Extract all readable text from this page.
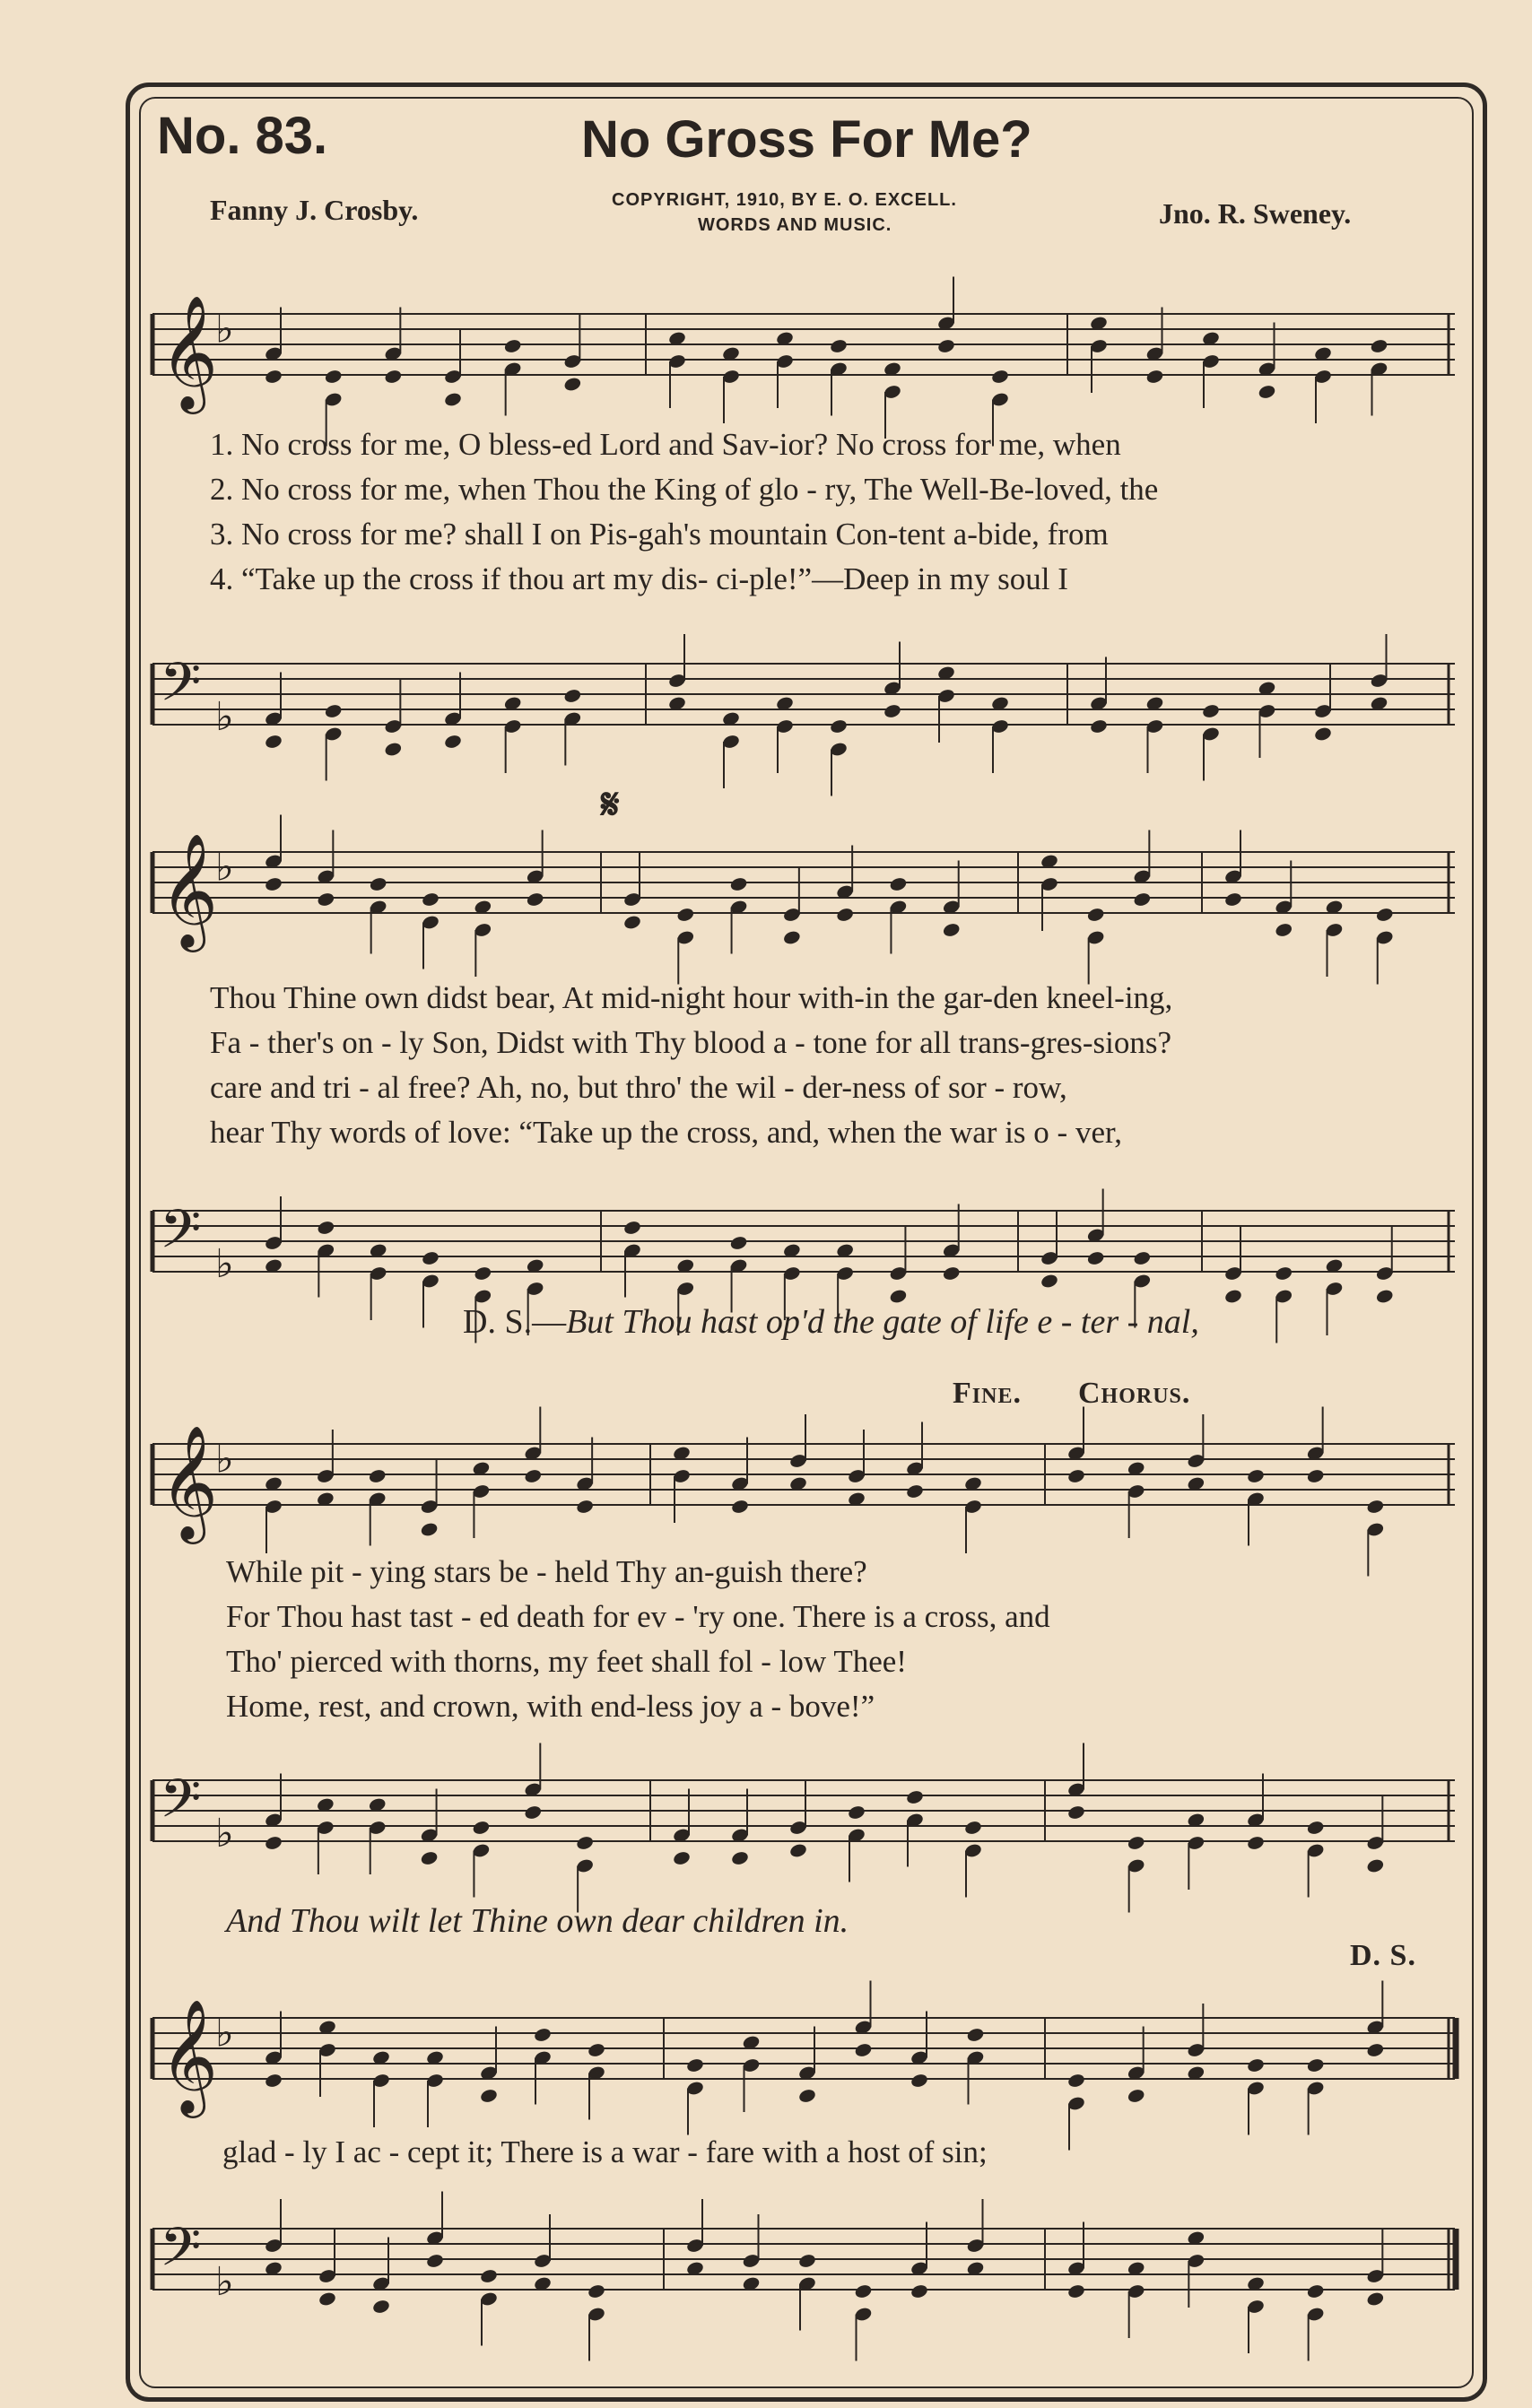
No. 83.	No Gross For Me?
Fanny J. Crosby.	COPYRIGHT, 1910, BY E. O. EXCELL.
WORDS AND MUSIC.	Jno. R. Sweney.
𝄞
♭
1. No cross for me, O bless-ed Lord and Sav-ior? No cross for me, when
2. No cross for me, when Thou the King of glo - ry, The Well-Be-loved, the
3. No cross for me? shall I on Pis-gah's mountain Con-tent a-bide, from
4. “Take up the cross if thou art my dis- ci-ple!”—Deep in my soul I
𝄢 ♭
𝄋
𝄞
♭
Thou Thine own didst bear, At mid-night hour with-in the gar-den kneel-ing,
Fa - ther's on - ly Son, Didst with Thy blood a - tone for all trans-gres-sions?
care and tri - al free? Ah, no, but thro' the wil - der-ness of sor - row,
hear Thy words of love: “Take up the cross, and, when the war is o - ver,
𝄢 ♭
D. S.—But Thou hast op'd the gate of life e - ter - nal,
Fine. Chorus.
𝄞
♭
While pit - ying stars be - held Thy an-guish there?
For Thou hast tast - ed death for ev - 'ry one. There is a cross, and
Tho' pierced with thorns, my feet shall fol - low Thee!
Home, rest, and crown, with end-less joy a - bove!”
𝄢 ♭
And Thou wilt let Thine own dear children in.
D. S.
𝄞
♭
glad - ly I ac - cept it; There is a war - fare with a host of sin;
𝄢 ♭
